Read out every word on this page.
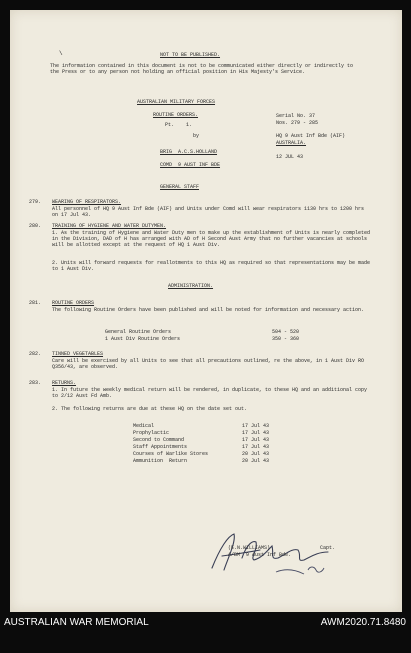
\	NOT TO BE PUBLISHED.
The information contained in this document is not to be communicated either directly or indirectly to the Press or to any person not holding an official position in His Majesty's Service.
AUSTRALIAN MILITARY FORCES
ROUTINE ORDERS.	Serial No. 37
Pt.    1.	Nos. 279 - 285
HQ 9 Aust Inf Bde (AIF)
AUSTRALIA.
by
BRIG  A.C.S.HOLLAND
12 JUL 43
COMD  9 AUST INF BDE
GENERAL STAFF
279. WEARING OF RESPIRATORS.
All personnel of HQ 9 Aust Inf Bde (AIF) and Units under Comd will wear respirators 1130 hrs to 1200 hrs on 17 Jul 43.
280. TRAINING OF HYGIENE AND WATER DUTYMEN.
1. As the training of Hygiene and Water Duty men to make up the establishment of Units is nearly completed in the Division, DAD of H has arranged with AD of H Second Aust Army that no further vacancies at schools will be allotted except at the request of HQ 1 Aust Div.
2. Units will forward requests for reallotments to this HQ as required so that representations may be made to 1 Aust Div.
ADMINISTRATION.
281. ROUTINE ORDERS
The following Routine Orders have been published and will be noted for information and necessary action.
General Routine Orders	504 - 520
1 Aust Div Routine Orders	350 - 360
282. TINNED VEGETABLES
Care will be exercised by all Units to see that all precautions outlined, re the above, in 1 Aust Div RO Q356/43, are observed.
283. RETURNS.
1. In future the weekly medical return will be rendered, in duplicate, to these HQ and an additional copy to 2/12 Aust Fd Amb.
2. The following returns are due at these HQ on the date set out.
Medical	17 Jul 43
Prophylactic	17 Jul 43
Second to Command	17 Jul 43
Staff Appointments	17 Jul 43
Courses of Warlike Stores	20 Jul 43
Ammunition  Return	20 Jul 43
(E.N.WILLIAMS)	Capt.
A/BM  9 Aust Inf Bde.
AUSTRALIAN WAR MEMORIAL	AWM2020.71.8480
